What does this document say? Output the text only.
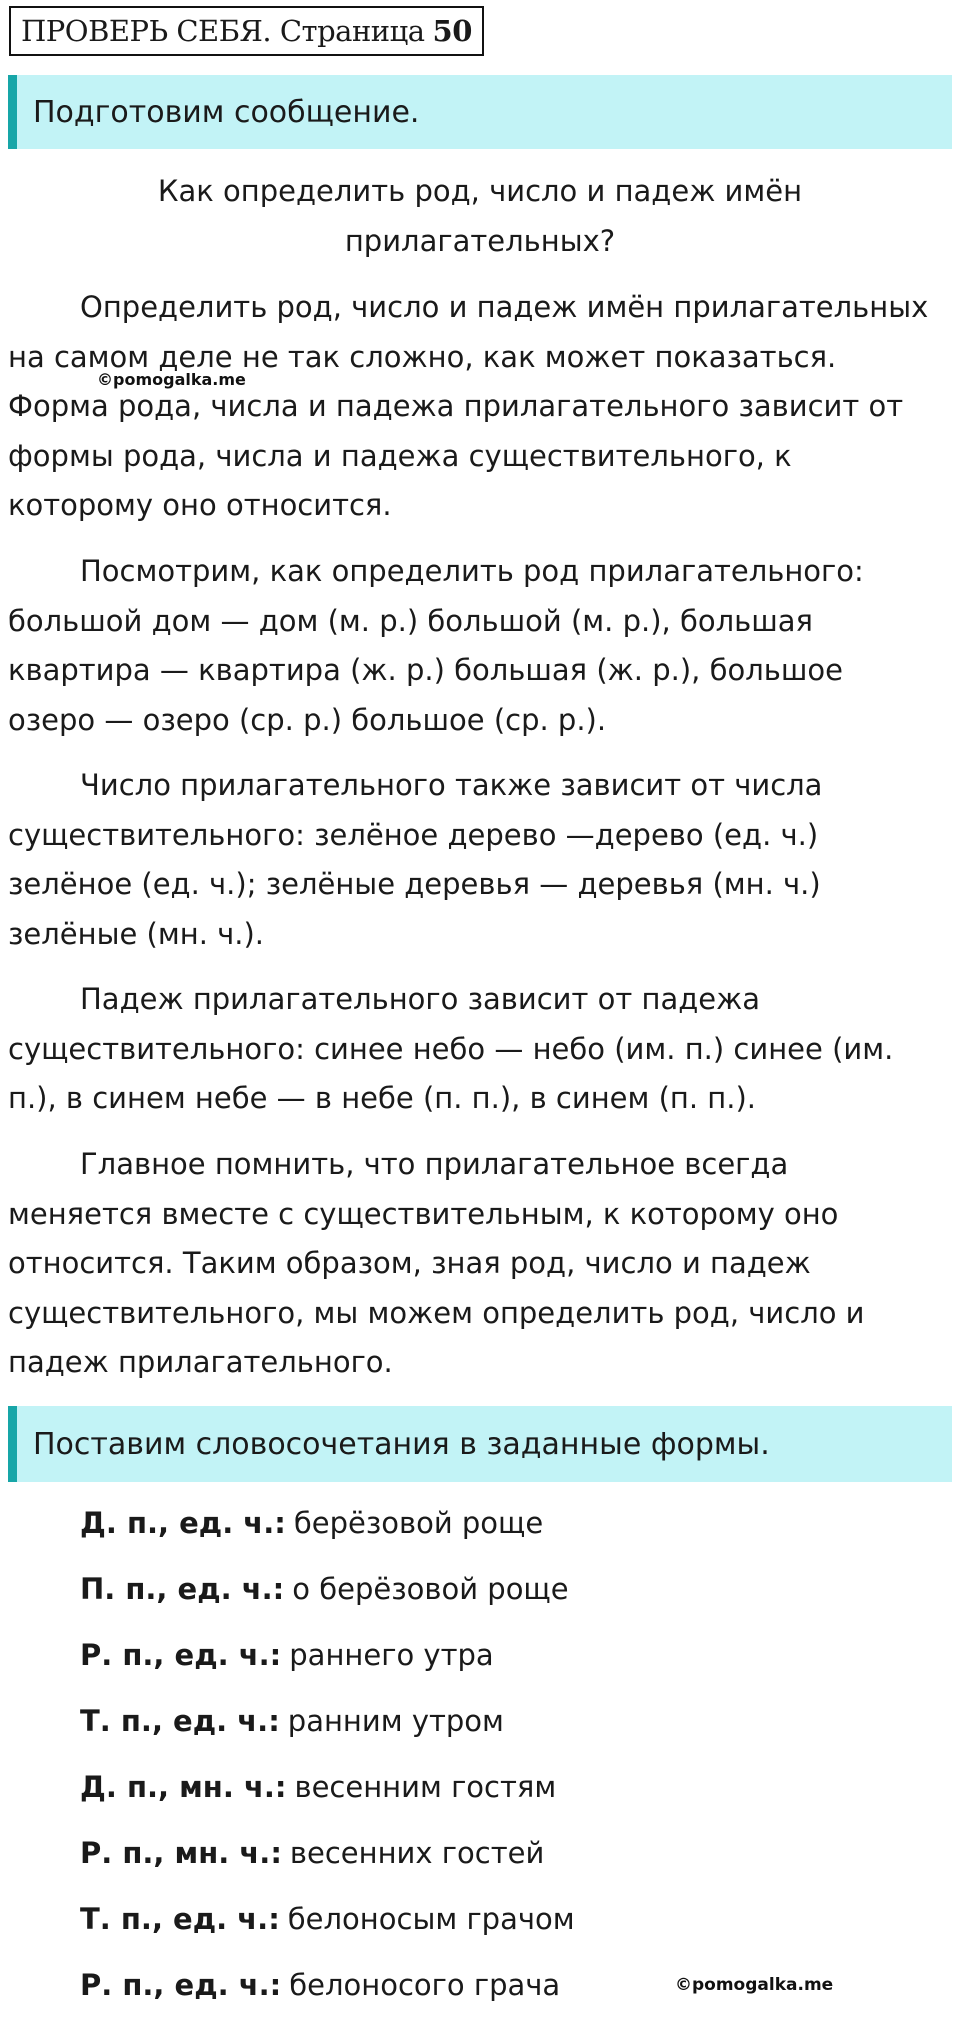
ПРОВЕРЬ СЕБЯ. Страница 50
Подготовим сообщение.
Как определить род, число и падеж имён прилагательных?

Определить род, число и падеж имён прилагательных на самом деле не так сложно, как может показаться. Форма рода, числа и падежа прилагательного зависит от формы рода, числа и падежа существительного, к которому оно относится.

Посмотрим, как определить род прилагательного: большой дом — дом (м. р.) большой (м. р.), большая квартира — квартира (ж. р.) большая (ж. р.), большое озеро — озеро (ср. р.) большое (ср. р.).

Число прилагательного также зависит от числа существительного: зелёное дерево —дерево (ед. ч.) зелёное (ед. ч.); зелёные деревья — деревья (мн. ч.) зелёные (мн. ч.).

Падеж прилагательного зависит от падежа существительного: синее небо — небо (им. п.) синее (им. п.), в синем небе — в небе (п. п.), в синем (п. п.).

Главное помнить, что прилагательное всегда меняется вместе с существительным, к которому оно относится. Таким образом, зная род, число и падеж существительного, мы можем определить род, число и падеж прилагательного.

©pomogalka.me
Поставим словосочетания в заданные формы.
Д. п., ед. ч.: берёзовой роще
П. п., ед. ч.: о берёзовой роще
Р. п., ед. ч.: раннего утра
Т. п., ед. ч.: ранним утром
Д. п., мн. ч.: весенним гостям
Р. п., мн. ч.: весенних гостей
Т. п., ед. ч.: белоносым грачом
Р. п., ед. ч.: белоносого грача	©pomogalka.me
